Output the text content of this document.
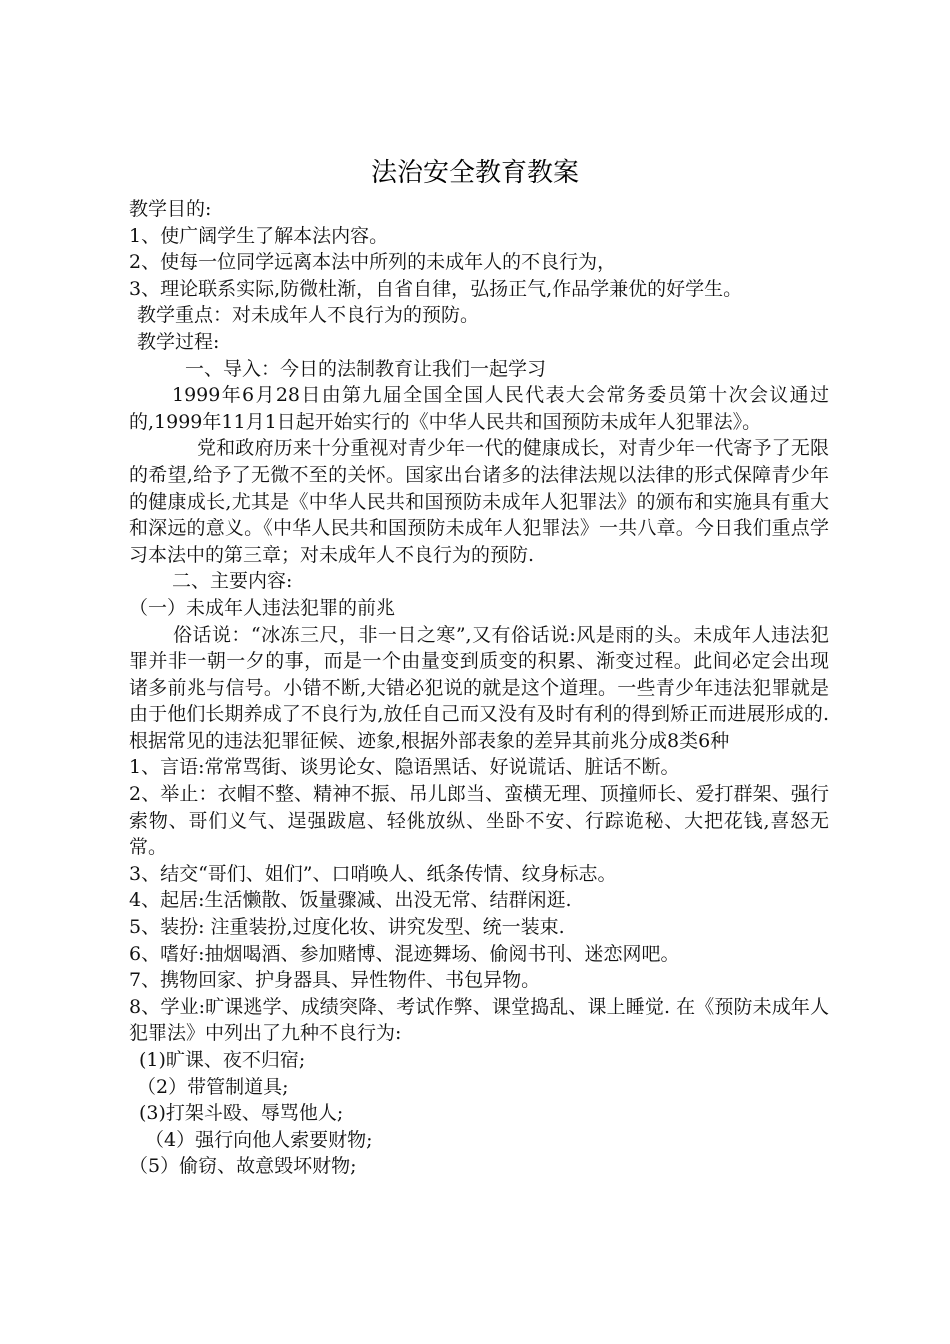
法治安全教育教案

教学目的:

1、使广阔学生了解本法内容。

2、使每一位同学远离本法中所列的未成年人的不良行为，

3、理论联系实际,防微杜渐，自省自律，弘扬正气,作品学兼优的好学生。

教学重点：对未成年人不良行为的预防。

教学过程:

一、导入：今日的法制教育让我们一起学习

1999年6月28日由第九届全国全国人民代表大会常务委员第十次会议通过的,1999年11月1日起开始实行的《中华人民共和国预防未成年人犯罪法》。

党和政府历来十分重视对青少年一代的健康成长，对青少年一代寄予了无限的希望,给予了无微不至的关怀。国家出台诸多的法律法规以法律的形式保障青少年的健康成长,尤其是《中华人民共和国预防未成年人犯罪法》的颁布和实施具有重大和深远的意义。《中华人民共和国预防未成年人犯罪法》一共八章。今日我们重点学习本法中的第三章；对未成年人不良行为的预防.

二、主要内容:

（一）未成年人违法犯罪的前兆

俗话说：“冰冻三尺，非一日之寒”,又有俗话说:风是雨的头。未成年人违法犯罪并非一朝一夕的事，而是一个由量变到质变的积累、渐变过程。此间必定会出现诸多前兆与信号。小错不断,大错必犯说的就是这个道理。一些青少年违法犯罪就是由于他们长期养成了不良行为,放任自己而又没有及时有利的得到矫正而进展形成的.根据常见的违法犯罪征候、迹象,根据外部表象的差异其前兆分成8类6种

1、言语:常常骂街、谈男论女、隐语黑话、好说谎话、脏话不断。

2、举止：衣帽不整、精神不振、吊儿郎当、蛮横无理、顶撞师长、爱打群架、强行索物、哥们义气、逞强跋扈、轻佻放纵、坐卧不安、行踪诡秘、大把花钱,喜怒无常。

3、结交“哥们、姐们”、口哨唤人、纸条传情、纹身标志。

4、起居:生活懒散、饭量骤减、出没无常、结群闲逛.

5、装扮: 注重装扮,过度化妆、讲究发型、统一装束.

6、嗜好:抽烟喝酒、参加赌博、混迹舞场、偷阅书刊、迷恋网吧。

7、携物回家、护身器具、异性物件、书包异物。

8、学业:旷课逃学、成绩突降、考试作弊、课堂捣乱、课上睡觉. 在《预防未成年人犯罪法》中列出了九种不良行为:

(1)旷课、夜不归宿;

（2）带管制道具;

(3)打架斗殴、辱骂他人;

（4）强行向他人索要财物;

（5）偷窃、故意毁坏财物;
